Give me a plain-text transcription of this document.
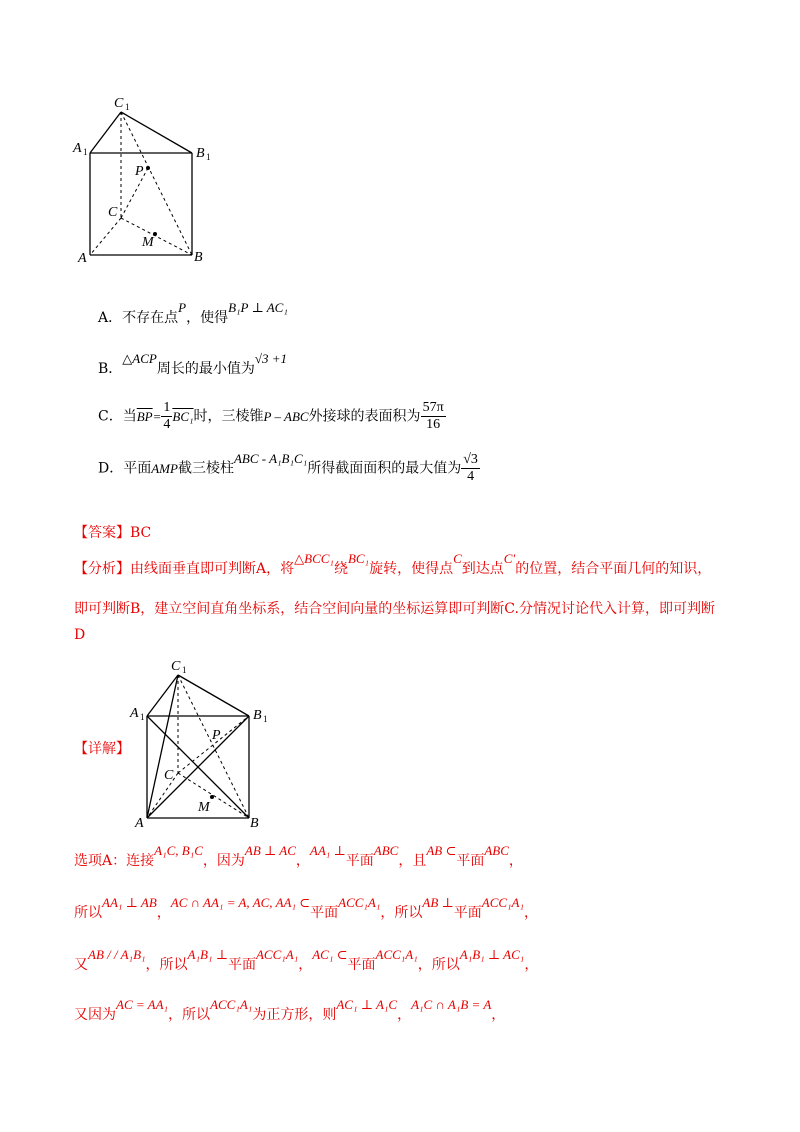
C 1
A 1	B 1
P
C
M
A	B
A．不存在点P，使得B₁P ⊥ AC₁
B．△ACP周长的最小值为√3 +1
C．当$\overline{BP}= \frac{1}{4} BC_1$时，三棱锥P – ABC外接球的表面积为 $\frac{57\pi}{16}$
D．平面AMP截三棱柱ABC - A₁B₁C₁所得截面面积的最大值为 $\frac{√3}{4}$
【答案】BC
【分析】由线面垂直即可判断A，将△BCC₁绕BC₁旋转，使得点C到达点C′的位置，结合平面几何的知识，
即可判断B，建立空间直角坐标系，结合空间向量的坐标运算即可判断C.分情况讨论代入计算，即可判断
D
C 1
A 1	B 1
P
C
M
A	B
【详解】
选项A：连接A₁C, B₁C，因为AB ⊥ AC，AA₁ ⊥平面ABC，且AB ⊂平面ABC，
所以AA₁ ⊥ AB，AC ∩ AA₁ = A, AC, AA₁ ⊂平面ACC₁A₁，所以AB ⊥平面ACC₁A₁，
又AB / / A₁B₁，所以A₁B₁ ⊥平面ACC₁A₁，AC₁ ⊂平面ACC₁A₁，所以A₁B₁ ⊥ AC₁，
又因为AC = AA₁，所以ACC₁A₁为正方形，则AC₁ ⊥ A₁C，A₁C ∩ A₁B = A，
